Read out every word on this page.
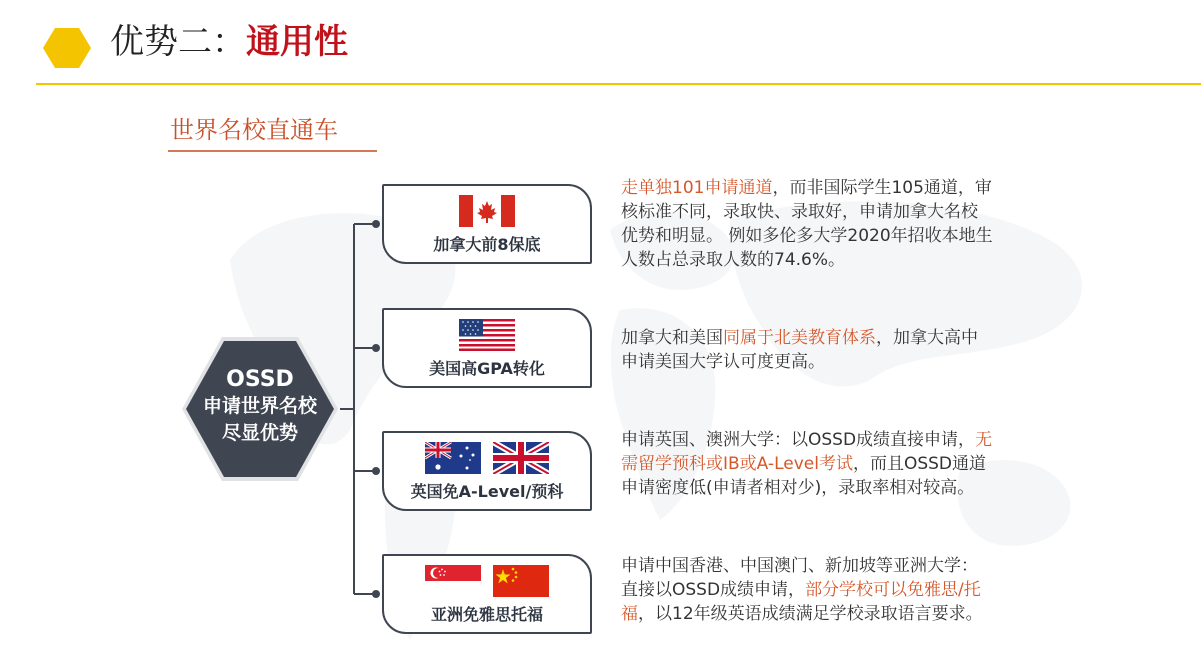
优势二：通用性
世界名校直通车
OSSD
申请世界名校
尽显优势
加拿大前8保底
美国高GPA转化

英国免A-Level/预科

亚洲免雅思托福
走单独101申请通道，而非国际学生105通道，审核标准不同，录取快、录取好，申请加拿大名校优势和明显。 例如多伦多大学2020年招收本地生人数占总录取人数的74.6%。
加拿大和美国同属于北美教育体系，加拿大高中申请美国大学认可度更高。
申请英国、澳洲大学：以OSSD成绩直接申请，无需留学预科或IB或A-Level考试，而且OSSD通道申请密度低(申请者相对少)，录取率相对较高。
申请中国香港、中国澳门、新加坡等亚洲大学：直接以OSSD成绩申请，部分学校可以免雅思/托福，以12年级英语成绩满足学校录取语言要求。
